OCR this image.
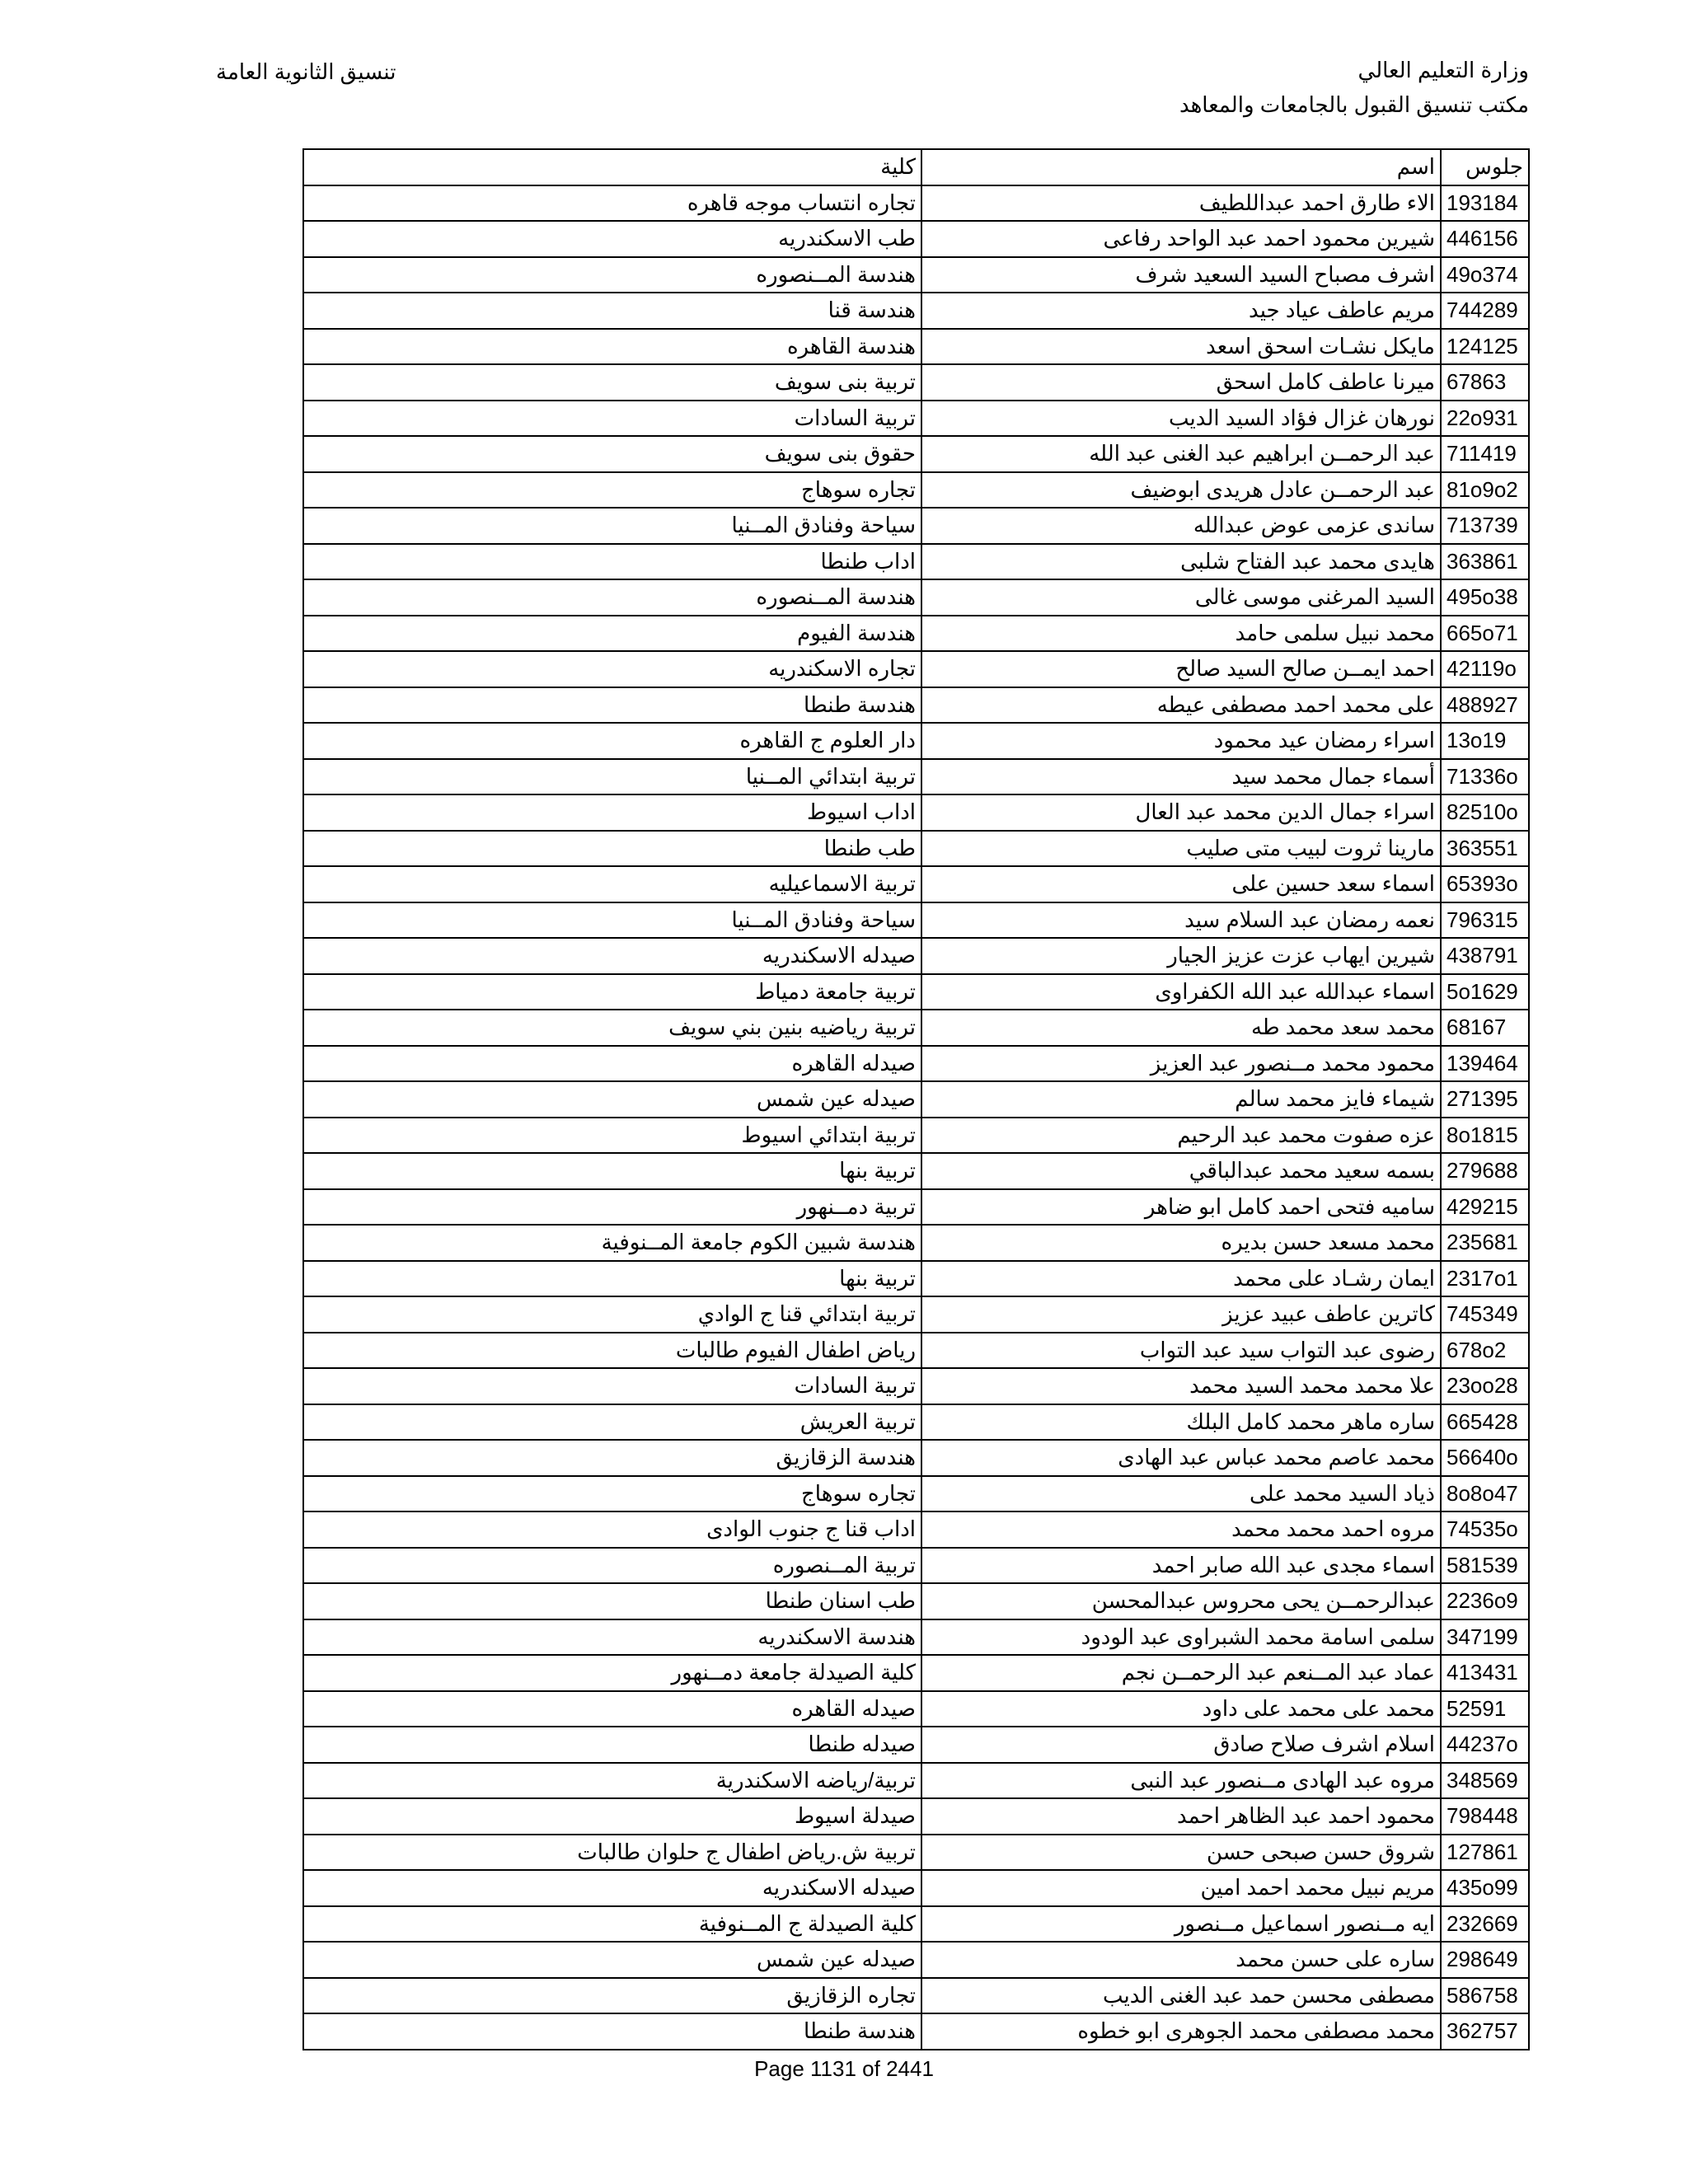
وزارة التعليم العالي
مكتب تنسيق القبول بالجامعات والمعاهد
تنسيق الثانوية العامة
جلوس	اسم	كلية
193184	الاء طارق احمد عبداللطيف	تجاره انتساب موجه قاهره
446156	شيرين محمود احمد عبد الواحد رفاعى	طب الاسكندريه
49o374	اشرف مصباح السيد السعيد شرف	هندسة المــنصوره
744289	مريم عاطف عياد جيد	هندسة قنا
124125	مايكل نشـات اسحق اسعد	هندسة القاهره
67863	ميرنا عاطف كامل اسحق	تربية بنى سويف
22o931	نورهان غزال فؤاد السيد الديب	تربية السادات
711419	عبد الرحمــن ابراهيم عبد الغنى عبد الله	حقوق بنى سويف
81o9o2	عبد الرحمــن عادل هريدى ابوضيف	تجاره سوهاج
713739	ساندى عزمى عوض عبدالله	سياحة وفنادق المــنيا
363861	هايدى محمد عبد الفتاح شلبى	اداب طنطا
495o38	السيد المرغنى موسى غالى	هندسة المــنصوره
665o71	محمد نبيل سلمى حامد	هندسة الفيوم
42119o	احمد ايمــن صالح السيد صالح	تجاره الاسكندريه
488927	على محمد احمد مصطفى عيطه	هندسة طنطا
13o19	اسراء رمضان عيد محمود	دار العلوم ج القاهره
71336o	أسماء جمال محمد سيد	تربية ابتدائي المــنيا
82510o	اسراء جمال الدين محمد عبد العال	اداب اسيوط
363551	مارينا ثروت لبيب متى صليب	طب طنطا
65393o	اسماء سعد حسين على	تربية الاسماعيليه
796315	نعمه رمضان عبد السلام سيد	سياحة وفنادق المــنيا
438791	شيرين ايهاب عزت عزيز الجيار	صيدله الاسكندريه
5o1629	اسماء عبدالله عبد الله الكفراوى	تربية جامعة دمياط
68167	محمد سعد محمد طه	تربية رياضيه بنين بني سويف
139464	محمود محمد مــنصور عبد العزيز	صيدله القاهره
271395	شيماء فايز محمد سالم	صيدله عين شمس
8o1815	عزه صفوت محمد عبد الرحيم	تربية ابتدائي اسيوط
279688	بسمه سعيد محمد عبدالباقي	تربية بنها
429215	ساميه فتحى احمد كامل ابو ضاهر	تربية دمــنهور
235681	محمد مسعد حسن بديره	هندسة شبين الكوم جامعة المــنوفية
2317o1	ايمان رشـاد على محمد	تربية بنها
745349	كاترين عاطف عبيد عزيز	تربية ابتدائي قنا ج الوادي
678o2	رضوى عبد التواب سيد عبد التواب	رياض اطفال الفيوم طالبات
23oo28	علا محمد محمد السيد محمد	تربية السادات
665428	ساره ماهر محمد كامل البلك	تربية العريش
56640o	محمد عاصم محمد عباس عبد الهادى	هندسة الزقازيق
8o8o47	ذياد السيد محمد على	تجاره سوهاج
74535o	مروه احمد محمد محمد	اداب قنا ج جنوب الوادى
581539	اسماء مجدى عبد الله صابر احمد	تربية المــنصوره
2236o9	عبدالرحمــن يحى محروس عبدالمحسن	طب اسنان طنطا
347199	سلمى اسامة محمد الشبراوى عبد الودود	هندسة الاسكندريه
413431	عماد عبد المــنعم عبد الرحمــن نجم	كلية الصيدلة جامعة دمــنهور
52591	محمد على محمد على داود	صيدله القاهره
44237o	اسلام اشرف صلاح صادق	صيدله طنطا
348569	مروه عبد الهادى مــنصور عبد النبى	تربية/رياضه الاسكندرية
798448	محمود احمد عبد الظاهر احمد	صيدلة اسيوط
127861	شروق حسن صبحى حسن	تربية ش.رياض اطفال ج حلوان طالبات
435o99	مريم نبيل محمد احمد امين	صيدله الاسكندريه
232669	ايه مــنصور اسماعيل مــنصور	كلية الصيدلة ج المــنوفية
298649	ساره على حسن محمد	صيدله عين شمس
586758	مصطفى محسن حمد عبد الغنى الديب	تجاره الزقازيق
362757	محمد مصطفى محمد الجوهرى ابو خطوه	هندسة طنطا
Page 1131 of 2441
